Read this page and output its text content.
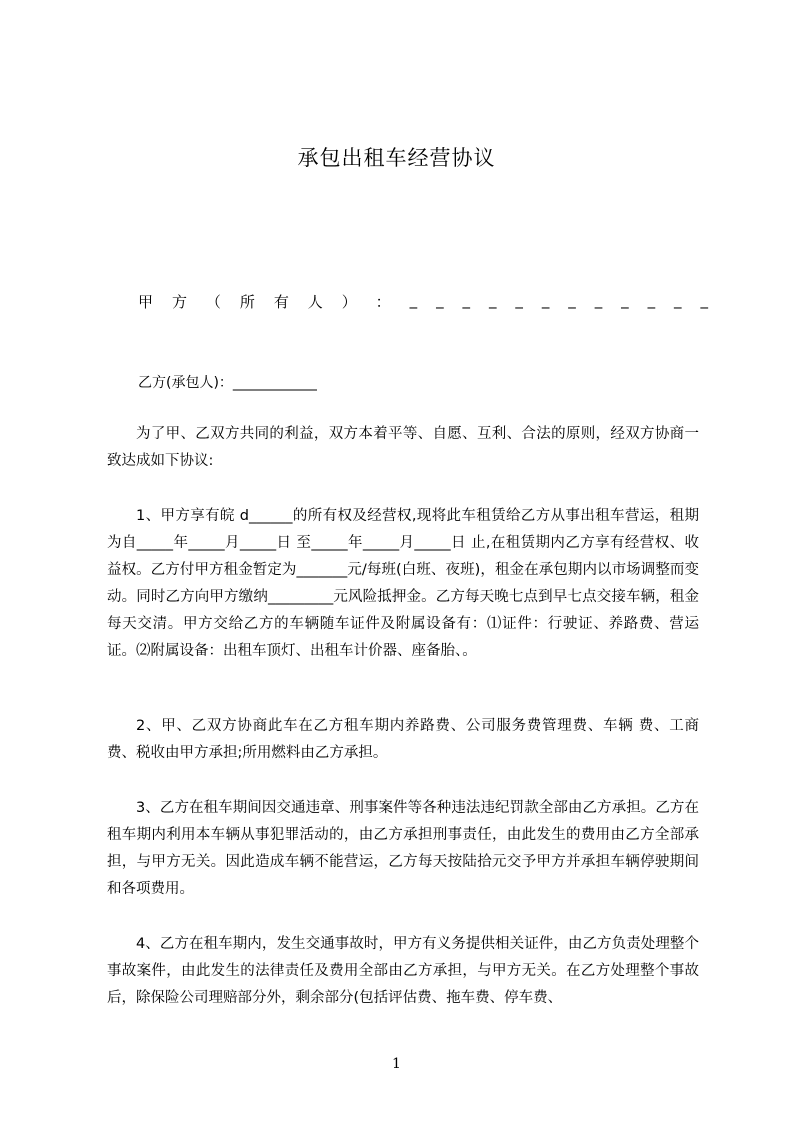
承包出租车经营协议
甲 方 （ 所 有 人 ） ： _ _ _ _ _ _ _ _ _ _ _ _
乙方(承包人)：____________

为了甲、乙双方共同的利益，双方本着平等、自愿、互利、合法的原则，经双方协商一致达成如下协议:

1、甲方享有皖 d______的所有权及经营权,现将此车租赁给乙方从事出租车营运，租期为自_____年_____月_____日 至_____年_____月_____日 止,在租赁期内乙方享有经营权、收益权。乙方付甲方租金暂定为_______元/每班(白班、夜班)，租金在承包期内以市场调整而变动。同时乙方向甲方缴纳_________元风险抵押金。乙方每天晚七点到早七点交接车辆，租金每天交清。甲方交给乙方的车辆随车证件及附属设备有：⑴证件：行驶证、养路费、营运证。⑵附属设备：出租车顶灯、出租车计价器、座备胎、。

2、甲、乙双方协商此车在乙方租车期内养路费、公司服务费管理费、车辆 费、工商费、税收由甲方承担;所用燃料由乙方承担。

3、乙方在租车期间因交通违章、刑事案件等各种违法违纪罚款全部由乙方承担。乙方在租车期内利用本车辆从事犯罪活动的，由乙方承担刑事责任，由此发生的费用由乙方全部承担，与甲方无关。因此造成车辆不能营运，乙方每天按陆拾元交予甲方并承担车辆停驶期间和各项费用。

4、乙方在租车期内，发生交通事故时，甲方有义务提供相关证件，由乙方负责处理整个事故案件，由此发生的法律责任及费用全部由乙方承担，与甲方无关。在乙方处理整个事故后，除保险公司理赔部分外，剩余部分(包括评估费、拖车费、停车费、

1
